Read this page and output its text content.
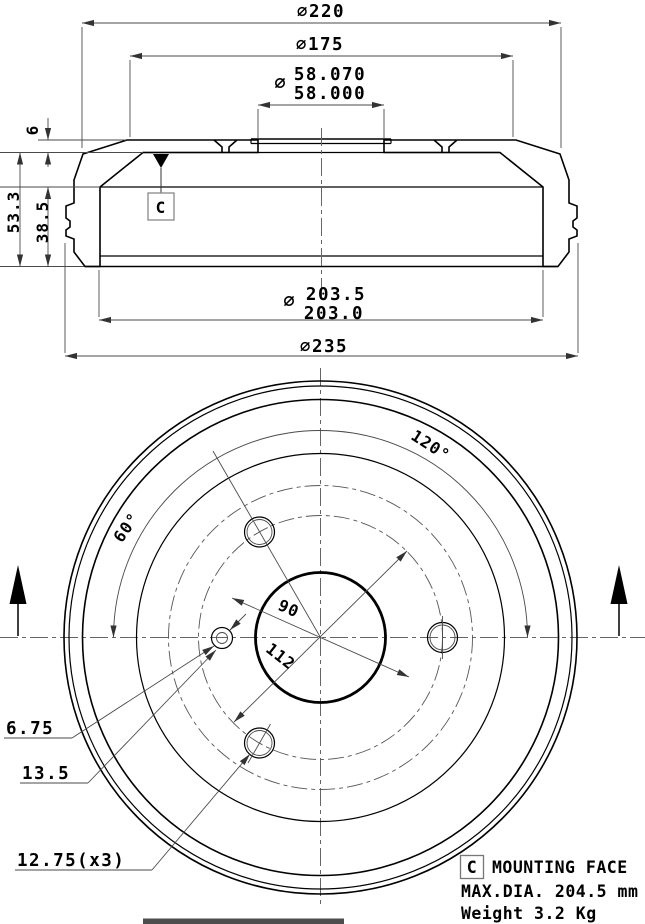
C
∅220
∅175
∅ 58.070
58.000
6
53.3 38.5
∅ 203.5
203.0
∅235
60°
120°
90
112
6.75
13.5
12.75(x3)	C MOUNTING FACE
MAX.DIA. 204.5 mm
Weight 3.2 Kg
